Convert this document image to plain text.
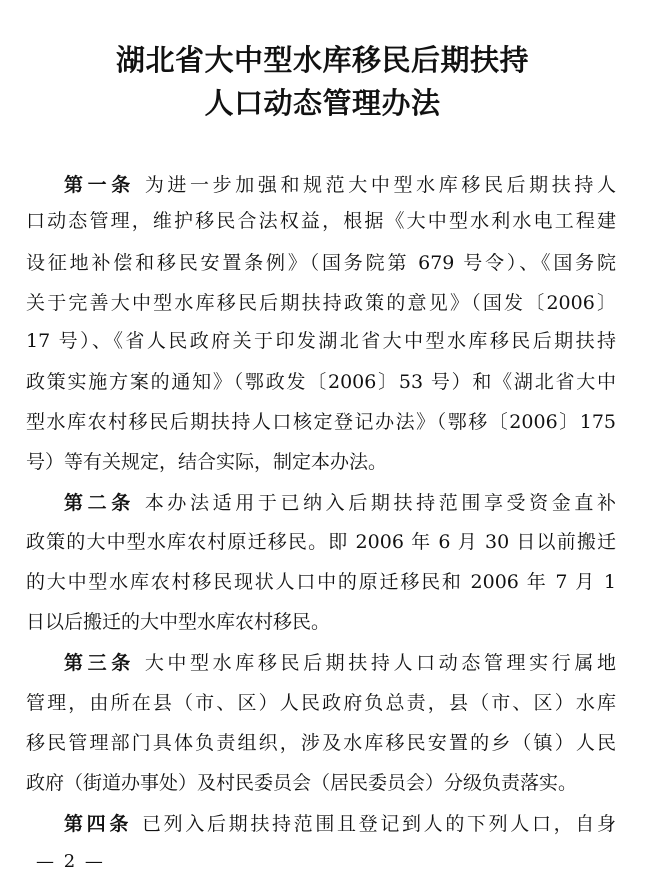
湖北省大中型水库移民后期扶持
人口动态管理办法
第一条 为进一步加强和规范大中型水库移民后期扶持人
口动态管理，维护移民合法权益，根据《大中型水利水电工程建
设征地补偿和移民安置条例》（国务院第 679 号令）、《国务院
关于完善大中型水库移民后期扶持政策的意见》（国发〔2006〕
17 号）、《省人民政府关于印发湖北省大中型水库移民后期扶持
政策实施方案的通知》（鄂政发〔2006〕53 号）和《湖北省大中
型水库农村移民后期扶持人口核定登记办法》（鄂移〔2006〕175
号）等有关规定，结合实际，制定本办法。
第二条 本办法适用于已纳入后期扶持范围享受资金直补
政策的大中型水库农村原迁移民。即 2006 年 6 月 30 日以前搬迁
的大中型水库农村移民现状人口中的原迁移民和 2006 年 7 月 1
日以后搬迁的大中型水库农村移民。
第三条 大中型水库移民后期扶持人口动态管理实行属地
管理，由所在县（市、区）人民政府负总责，县（市、区）水库
移民管理部门具体负责组织，涉及水库移民安置的乡（镇）人民
政府（街道办事处）及村民委员会（居民委员会）分级负责落实。
第四条 已列入后期扶持范围且登记到人的下列人口，自身
— 2 —
